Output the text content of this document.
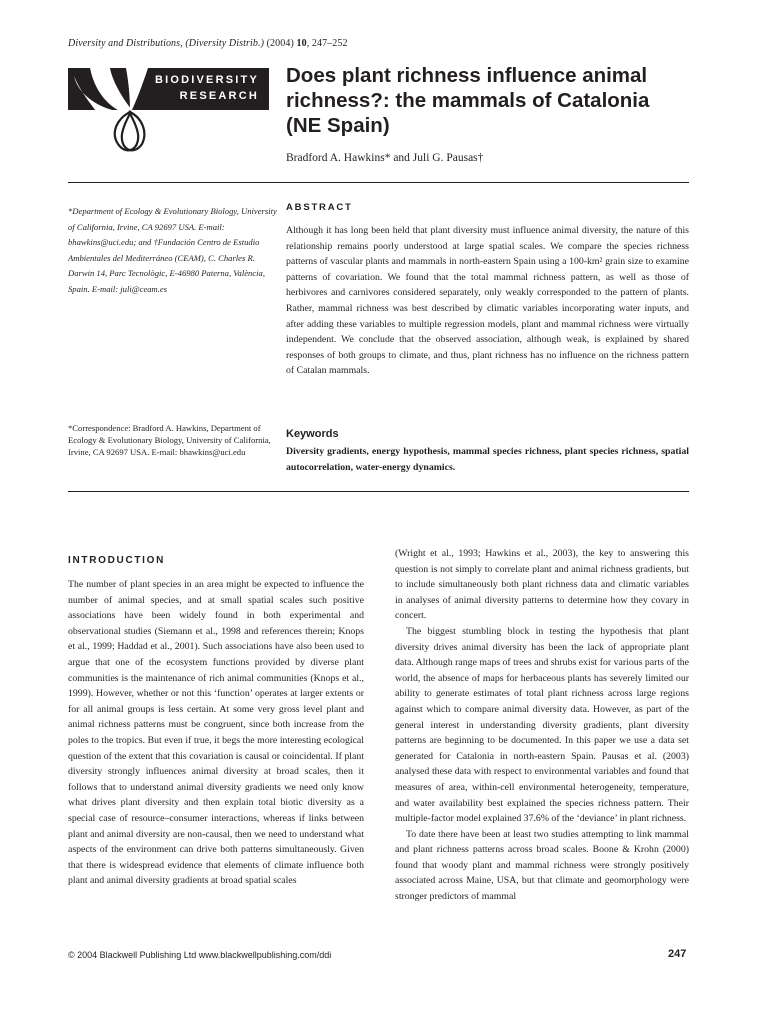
Diversity and Distributions, (Diversity Distrib.) (2004) 10, 247–252
BIODIVERSITY
RESEARCH
Does plant richness influence animal richness?: the mammals of Catalonia (NE Spain)
Bradford A. Hawkins* and Juli G. Pausas†
*Department of Ecology & Evolutionary Biology, University of California, Irvine, CA 92697 USA. E-mail: bhawkins@uci.edu; and †Fundación Centro de Estudio Ambientales del Mediterráneo (CEAM), C. Charles R. Darwin 14, Parc Tecnològic, E-46980 Paterna, València, Spain. E-mail: juli@ceam.es
*Correspondence: Bradford A. Hawkins, Department of Ecology & Evolutionary Biology, University of California, Irvine, CA 92697 USA. E-mail: bhawkins@uci.edu
ABSTRACT
Although it has long been held that plant diversity must influence animal diversity, the nature of this relationship remains poorly understood at large spatial scales. We compare the species richness patterns of vascular plants and mammals in north-eastern Spain using a 100-km² grain size to examine patterns of covariation. We found that the total mammal richness pattern, as well as those of herbivores and carnivores considered separately, only weakly corresponded to the pattern of plants. Rather, mammal richness was best described by climatic variables incorporating water inputs, and after adding these variables to multiple regression models, plant and mammal richness were virtually independent. We conclude that the observed association, although weak, is explained by shared responses of both groups to climate, and thus, plant richness has no influence on the richness pattern of Catalan mammals.
Keywords
Diversity gradients, energy hypothesis, mammal species richness, plant species richness, spatial autocorrelation, water-energy dynamics.
INTRODUCTION

The number of plant species in an area might be expected to influence the number of animal species, and at small spatial scales such positive associations have been widely found in both experimental and observational studies (Siemann et al., 1998 and references therein; Knops et al., 1999; Haddad et al., 2001). Such associations have also been used to argue that one of the ecosystem functions provided by diverse plant communities is the maintenance of rich animal communities (Knops et al., 1999). However, whether or not this ‘function’ operates at larger extents or for all animal groups is less certain. At some very gross level plant and animal richness patterns must be congruent, since both increase from the poles to the tropics. But even if true, it begs the more interesting ecological question of the extent that this covariation is causal or coincidental. If plant diversity strongly influences animal diversity at broad scales, then it follows that to understand animal diversity gradients we need only know what drives plant diversity and then explain total biotic diversity as a special case of resource–consumer interactions, whereas if links between plant and animal diversity are non-causal, then we need to understand what aspects of the environment can drive both patterns simultaneously. Given that there is widespread evidence that elements of climate influence both plant and animal diversity gradients at broad spatial scales

(Wright et al., 1993; Hawkins et al., 2003), the key to answering this question is not simply to correlate plant and animal richness gradients, but to include simultaneously both plant richness data and climatic variables in analyses of animal diversity patterns to determine how they covary in concert.

The biggest stumbling block in testing the hypothesis that plant diversity drives animal diversity has been the lack of appropriate plant data. Although range maps of trees and shrubs exist for various parts of the world, the absence of maps for herbaceous plants has severely limited our ability to generate estimates of total plant richness across large regions against which to compare animal diversity data. However, as part of the general interest in understanding diversity gradients, plant diversity patterns are beginning to be documented. In this paper we use a data set generated for Catalonia in north-eastern Spain. Pausas et al. (2003) analysed these data with respect to environmental variables and found that measures of area, within-cell environmental heterogeneity, temperature, and water availability best explained the species richness pattern. Their multiple-factor model explained 37.6% of the ‘deviance’ in plant richness.

To date there have been at least two studies attempting to link mammal and plant richness patterns across broad scales. Boone & Krohn (2000) found that woody plant and mammal richness were strongly positively associated across Maine, USA, but that climate and geomorphology were stronger predictors of mammal

© 2004 Blackwell Publishing Ltd www.blackwellpublishing.com/ddi	247
